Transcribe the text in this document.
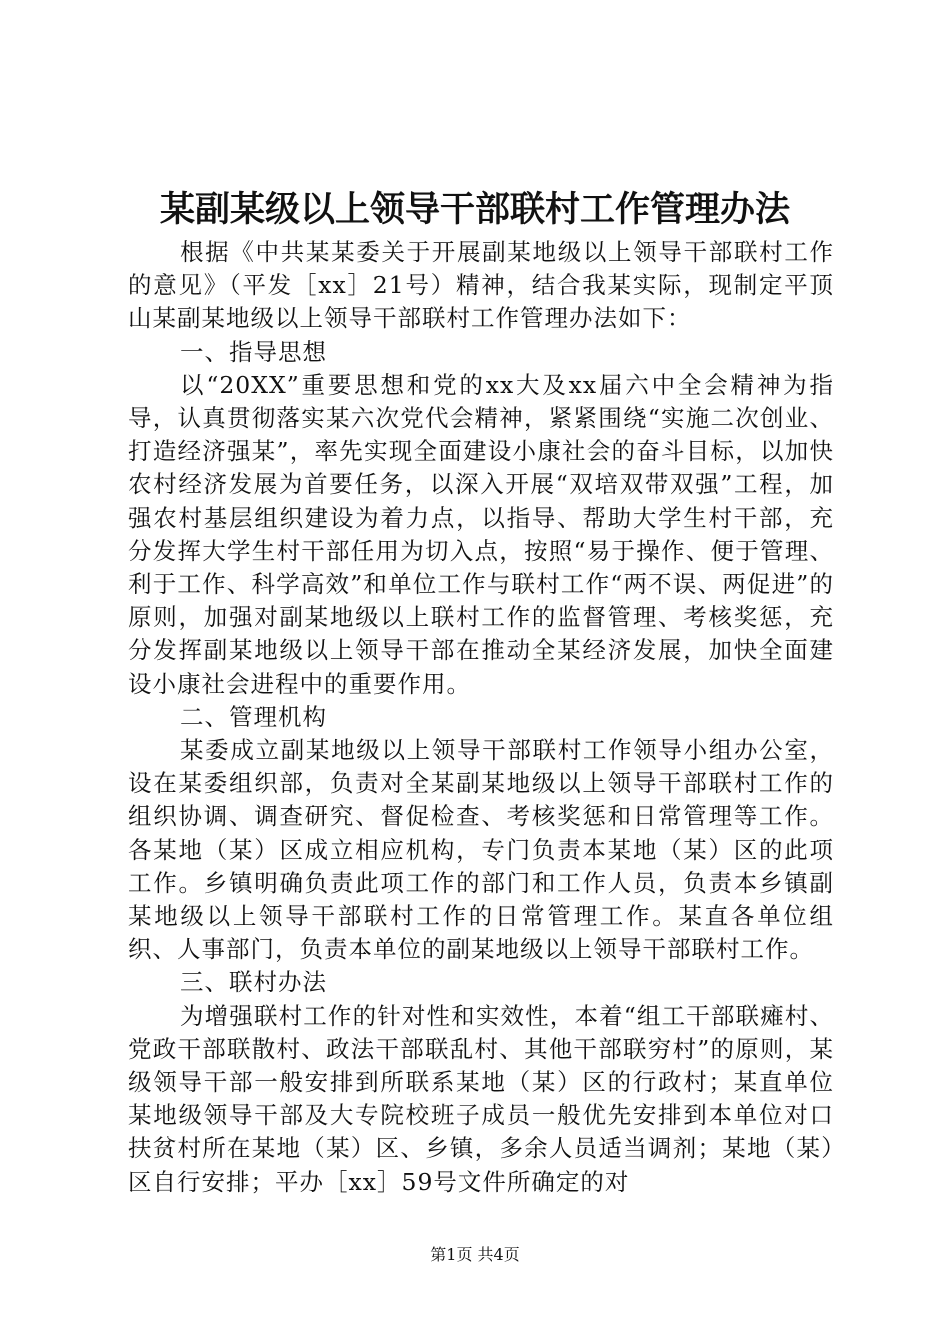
某副某级以上领导干部联村工作管理办法

根据《中共某某委关于开展副某地级以上领导干部联村工作的意见》（平发［xx］21号）精神，结合我某实际，现制定平顶山某副某地级以上领导干部联村工作管理办法如下：

一、指导思想

以“20XX”重要思想和党的xx大及xx届六中全会精神为指导，认真贯彻落实某六次党代会精神，紧紧围绕“实施二次创业、打造经济强某”，率先实现全面建设小康社会的奋斗目标，以加快农村经济发展为首要任务，以深入开展“双培双带双强”工程，加强农村基层组织建设为着力点，以指导、帮助大学生村干部，充分发挥大学生村干部任用为切入点，按照“易于操作、便于管理、利于工作、科学高效”和单位工作与联村工作“两不误、两促进”的原则，加强对副某地级以上联村工作的监督管理、考核奖惩，充分发挥副某地级以上领导干部在推动全某经济发展，加快全面建设小康社会进程中的重要作用。

二、管理机构

某委成立副某地级以上领导干部联村工作领导小组办公室，设在某委组织部，负责对全某副某地级以上领导干部联村工作的组织协调、调查研究、督促检查、考核奖惩和日常管理等工作。各某地（某）区成立相应机构，专门负责本某地（某）区的此项工作。乡镇明确负责此项工作的部门和工作人员，负责本乡镇副某地级以上领导干部联村工作的日常管理工作。某直各单位组织、人事部门，负责本单位的副某地级以上领导干部联村工作。

三、联村办法

为增强联村工作的针对性和实效性，本着“组工干部联瘫村、党政干部联散村、政法干部联乱村、其他干部联穷村”的原则，某级领导干部一般安排到所联系某地（某）区的行政村；某直单位某地级领导干部及大专院校班子成员一般优先安排到本单位对口扶贫村所在某地（某）区、乡镇，多余人员适当调剂；某地（某）区自行安排；平办［xx］59号文件所确定的对

第1页 共4页
